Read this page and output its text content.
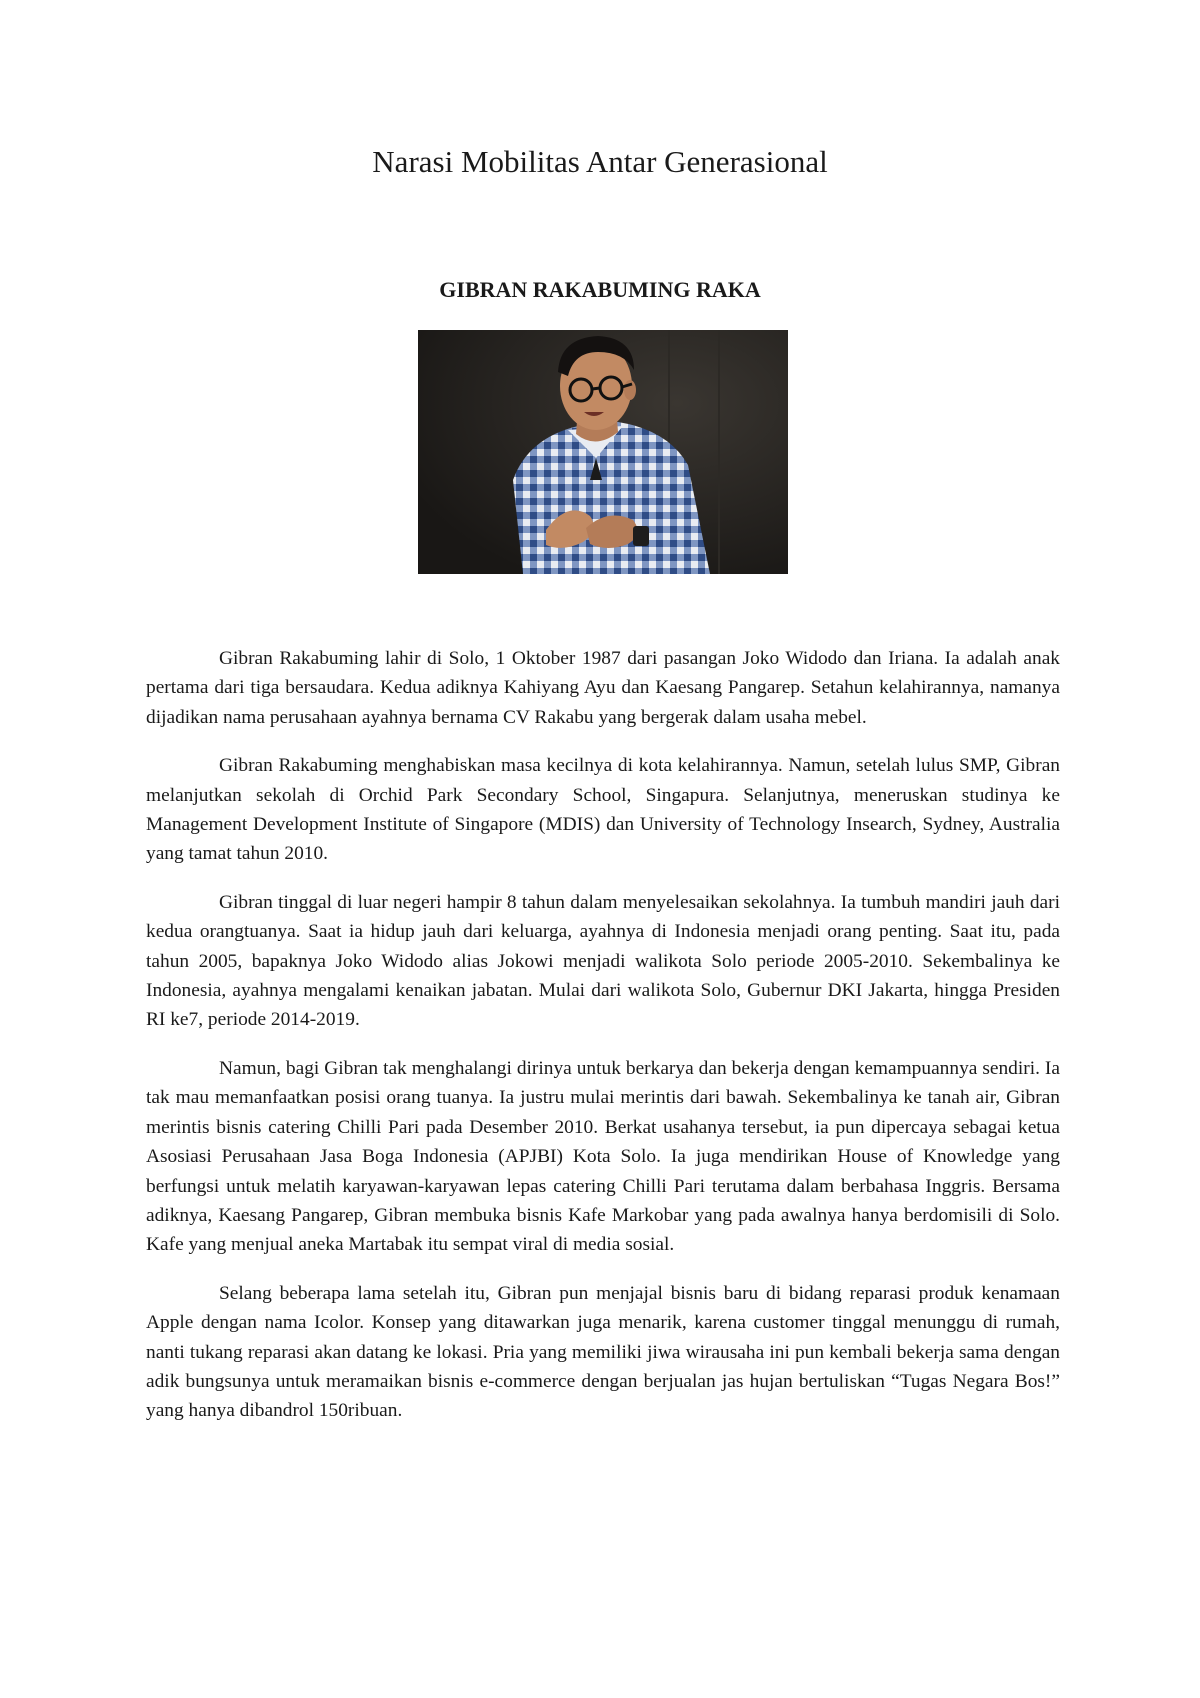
Narasi Mobilitas Antar Generasional
GIBRAN RAKABUMING RAKA

Gibran Rakabuming lahir di Solo, 1 Oktober 1987 dari pasangan Joko Widodo dan Iriana. Ia adalah anak pertama dari tiga bersaudara. Kedua adiknya Kahiyang Ayu dan Kaesang Pangarep. Setahun kelahirannya, namanya dijadikan nama perusahaan ayahnya bernama CV Rakabu yang bergerak dalam usaha mebel.

Gibran Rakabuming menghabiskan masa kecilnya di kota kelahirannya. Namun, setelah lulus SMP, Gibran melanjutkan sekolah di Orchid Park Secondary School, Singapura. Selanjutnya, meneruskan studinya ke Management Development Institute of Singapore (MDIS) dan University of Technology Insearch, Sydney, Australia yang tamat tahun 2010.

Gibran tinggal di luar negeri hampir 8 tahun dalam menyelesaikan sekolahnya. Ia tumbuh mandiri jauh dari kedua orangtuanya. Saat ia hidup jauh dari keluarga, ayahnya di Indonesia menjadi orang penting. Saat itu, pada tahun 2005, bapaknya Joko Widodo alias Jokowi menjadi walikota Solo periode 2005-2010. Sekembalinya ke Indonesia, ayahnya mengalami kenaikan jabatan. Mulai dari walikota Solo, Gubernur DKI Jakarta, hingga Presiden RI ke7, periode 2014-2019.

Namun, bagi Gibran tak menghalangi dirinya untuk berkarya dan bekerja dengan kemampuannya sendiri. Ia tak mau memanfaatkan posisi orang tuanya. Ia justru mulai merintis dari bawah. Sekembalinya ke tanah air, Gibran merintis bisnis catering Chilli Pari pada Desember 2010. Berkat usahanya tersebut, ia pun dipercaya sebagai ketua Asosiasi Perusahaan Jasa Boga Indonesia (APJBI) Kota Solo. Ia juga mendirikan House of Knowledge yang berfungsi untuk melatih karyawan-karyawan lepas catering Chilli Pari terutama dalam berbahasa Inggris. Bersama adiknya, Kaesang Pangarep, Gibran membuka bisnis Kafe Markobar yang pada awalnya hanya berdomisili di Solo. Kafe yang menjual aneka Martabak itu sempat viral di media sosial.

Selang beberapa lama setelah itu, Gibran pun menjajal bisnis baru di bidang reparasi produk kenamaan Apple dengan nama Icolor. Konsep yang ditawarkan juga menarik, karena customer tinggal menunggu di rumah, nanti tukang reparasi akan datang ke lokasi. Pria yang memiliki jiwa wirausaha ini pun kembali bekerja sama dengan adik bungsunya untuk meramaikan bisnis e-commerce dengan berjualan jas hujan bertuliskan “Tugas Negara Bos!” yang hanya dibandrol 150ribuan.
